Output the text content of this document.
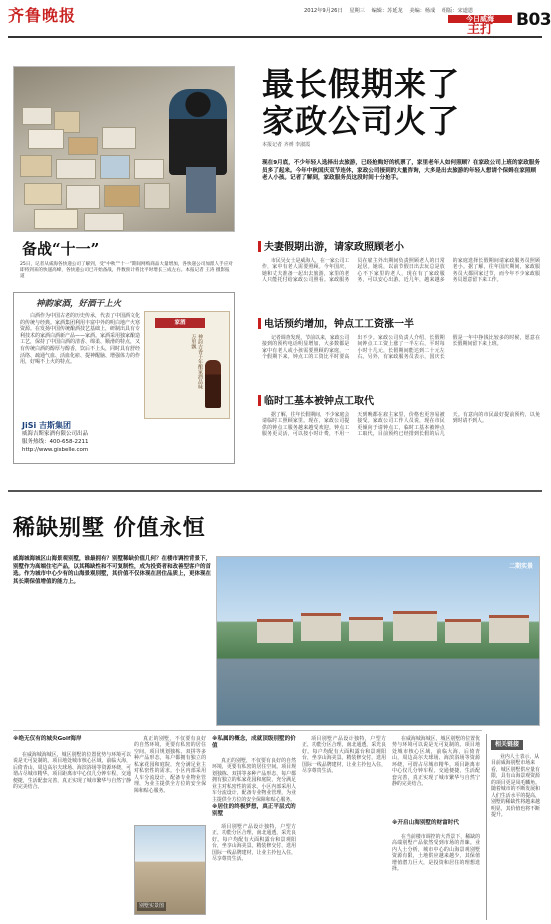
齐鲁晚报	2012年9月26日 星期三 编辑：苏延龙 美编：杨成 组版：宋道恩
今日威海
主打	B03
备战“十一”
25日，记者从威海各快递公司了解到，受“中秋”“十一”期间网购商品大量增加，各快递公司加派人手应对即将到来的快递高峰，各快递公司已开始备战，件数预计将比平时增长三成左右。本报记者 王涛 摄影报道
神韵家酒，好酒干上火
白酒作为中国古老的历史传承，代表了中国酒文化的传统与经典。家酒集团利用丰富中外的明白地产火寒资源。在发扬中国传统酿酒技艺基础上，研制出具有专利技术的家酒白酒新产品——家酒。家酒采用独家酿造工艺，保持了中国白酒的清香、绵柔、顺滑的特点，又有传统白酒的醇厚与醇香，饮后不上头，同时具有舒经活络、疏通气血、活血化瘀、提神醒脑、增强体力的作用，好喝不上火的特点。
家酒
神韵古香千年酿家酒品味万里飘
JiSi 吉斯集团
威海吉斯家酒有限公司出品
服务热线：400-658-2211
http://www.gisbelle.com
最长假期来了
家政公司火了
本报记者 齐赟 李淑霞
现在9月底，不少年轻人选择出去旅游，已经抢购好的机票了，家里老年人如何照顾？在家政公司上班的家政服务员多了起来。今年中秋国庆双节连休，家政公司接到的大量咨询，大多是出去旅游的年轻人想请个保姆在家照顾老人小孩。记者了解到，家政服务员这段时间十分抢手。
夫妻假期出游，请家政照顾老小
市民吴女士是威海人，在一家公司工作，家中有老人需要照顾。今年国庆，她和丈夫准备一起出去旅游，家里的老人只能托付给家政公司照看。家政服务员在雇主外出期间负责照顾老人的日常起居。她说，以前节假日出去玩总是放心不下家里的老人，现在有了家政服务，可以安心出游。近几年，越来越多的家庭选择长假期间请家政服务员照顾老小。据了解，往年国庆期间，家政服务员大都回家过节，而今年不少家政服务员愿意留下来工作。
电话预约增加，钟点工工资涨一半
记者调查发现，节前以来，家政公司接到的预约电话明显增加，大多数都是家中有老人或小孩需要照顾的家庭，一个假期下来，钟点工的工资比平时要高出不少。家政公司负责人介绍，长假期间钟点工工资上涨了一半左右，平时每小时十几元，长假期间能达到二十元左右。另外，有家政服务员表示，国庆长假是一年中挣钱比较多的时候，愿意在长假期间留下来上班。
临时工基本被钟点工取代
据了解，往年长假期间，不少家庭会请临时工照顾家里。现在，家政公司提供的钟点工服务越来越受欢迎。钟点工服务更灵活，可以按小时计费，不用一天到晚都在雇主家里，价格也更容易被接受。家政公司工作人员说，现在市民更倾向于请钟点工，临时工基本被钟点工取代，目前预约已经排到长假的后几天。有意向的市民最好提前预约，以免到时请不到人。
稀缺别墅 价值永恒
威海城海城区山海景观别墅，谁最拥有？别墅稀缺价值几何？在楼市调控背景下，别墅作为高端住宅产品，以其稀缺性和不可复制性，成为投资者和改善型客户的首选。作为城市中心少有的山海景观别墅，其价值不仅体现在居住品质上，更体现在其长期保值增值的能力上。
二期实景
※绝无仅有的城央Golf海岸
在威海城海城区，城区别墅的位置优势与环境可以说是无可复制的。项目地处城市核心区域，前临大海，后倚青山，周边高尔夫球场、海滨浴场等资源环绕，可谓占尽城市精华。项目距离市中心仅几分钟车程，交通便捷，生活配套完善，真正实现了城市繁华与自然宁静的完美结合。
真正的别墅，不仅要有良好的自然环境，更要有私密的居住空间。项目规划独栋、双拼等多种产品形态，每户都拥有独立的私家花园和庭院，充分满足业主对私密性的需求。小区内部采用人车分流设计，配备专业物业管理，为业主提供全方位的安全保障和贴心服务。
别墅实景图
※私属的概念，成就顶级别墅的价值
真正的别墅，不仅要有良好的自然环境，更要有私密的居住空间。项目规划独栋、双拼等多种产品形态，每户都拥有独立的私家花园和庭院，充分满足业主对私密性的需求。小区内部采用人车分流设计，配备专业物业管理，为业主提供全方位的安全保障和贴心服务。
※居住的终极梦想，真正平层式的别墅
项目别墅产品设计独特，户型方正，功能分区合理，南北通透，采光良好。每户均配有大面积露台和景观阳台，坐享山海美景。精装修交付，选用国际一线品牌建材，让业主拎包入住，尽享尊贵生活。
项目别墅产品设计独特，户型方正，功能分区合理，南北通透，采光良好。每户均配有大面积露台和景观阳台，坐享山海美景。精装修交付，选用国际一线品牌建材，让业主拎包入住，尽享尊贵生活。
在威海城海城区，城区别墅的位置优势与环境可以说是无可复制的。项目地处城市核心区域，前临大海，后倚青山，周边高尔夫球场、海滨浴场等资源环绕，可谓占尽城市精华。项目距离市中心仅几分钟车程，交通便捷，生活配套完善，真正实现了城市繁华与自然宁静的完美结合。
※开启山海别墅的财富时代
在当前楼市调控的大背景下，稀缺的高端别墅产品依然受到市场的青睐。业内人士分析，城市中心的山海景观别墅资源有限，土地供应越来越少，其保值增值潜力巨大，是投资和居住的理想选择。
相关链接
业内人士表示，从目前威海别墅市场来看，城区别墅供应量有限，具有山海景观资源的项目更是凤毛麟角。随着城市的不断发展和人们生活水平的提高，别墅的稀缺性将越来越明显，其价值也将不断提升。
